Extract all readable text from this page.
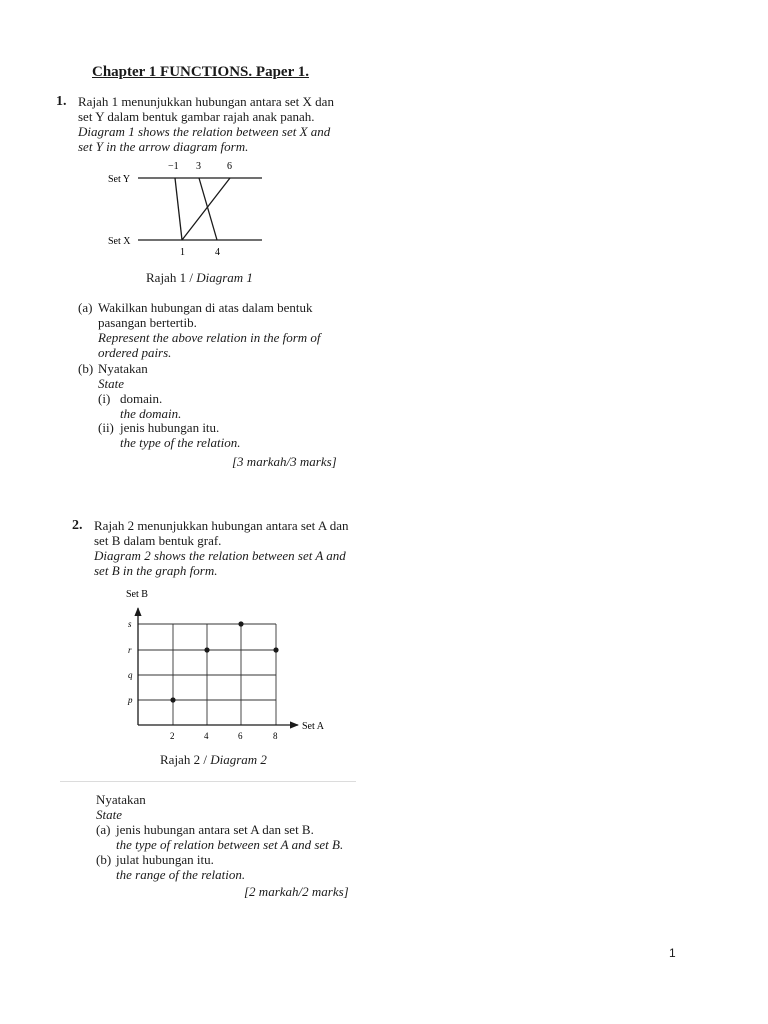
Chapter 1 FUNCTIONS. Paper 1.
1. Rajah 1 menunjukkan hubungan antara set X dan
set Y dalam bentuk gambar rajah anak panah.
Diagram 1 shows the relation between set X and
set Y in the arrow diagram form.
Set Y
Set X
−1 3	6
1	4
Rajah 1 / Diagram 1
(a) Wakilkan hubungan di atas dalam bentuk
pasangan bertertib.
Represent the above relation in the form of
ordered pairs.
(b) Nyatakan
State
(i) domain.
the domain.
(ii) jenis hubungan itu.
the type of the relation.
[3 markah/3 marks]
2. Rajah 2 menunjukkan hubungan antara set A dan
set B dalam bentuk graf.
Diagram 2 shows the relation between set A and
set B in the graph form.
Set B
Set A
p
q
r
s
2	4	6	8
Rajah 2 / Diagram 2
Nyatakan
State
(a) jenis hubungan antara set A dan set B.
the type of relation between set A and set B.
(b) julat hubungan itu.
the range of the relation.
[2 markah/2 marks]
1
